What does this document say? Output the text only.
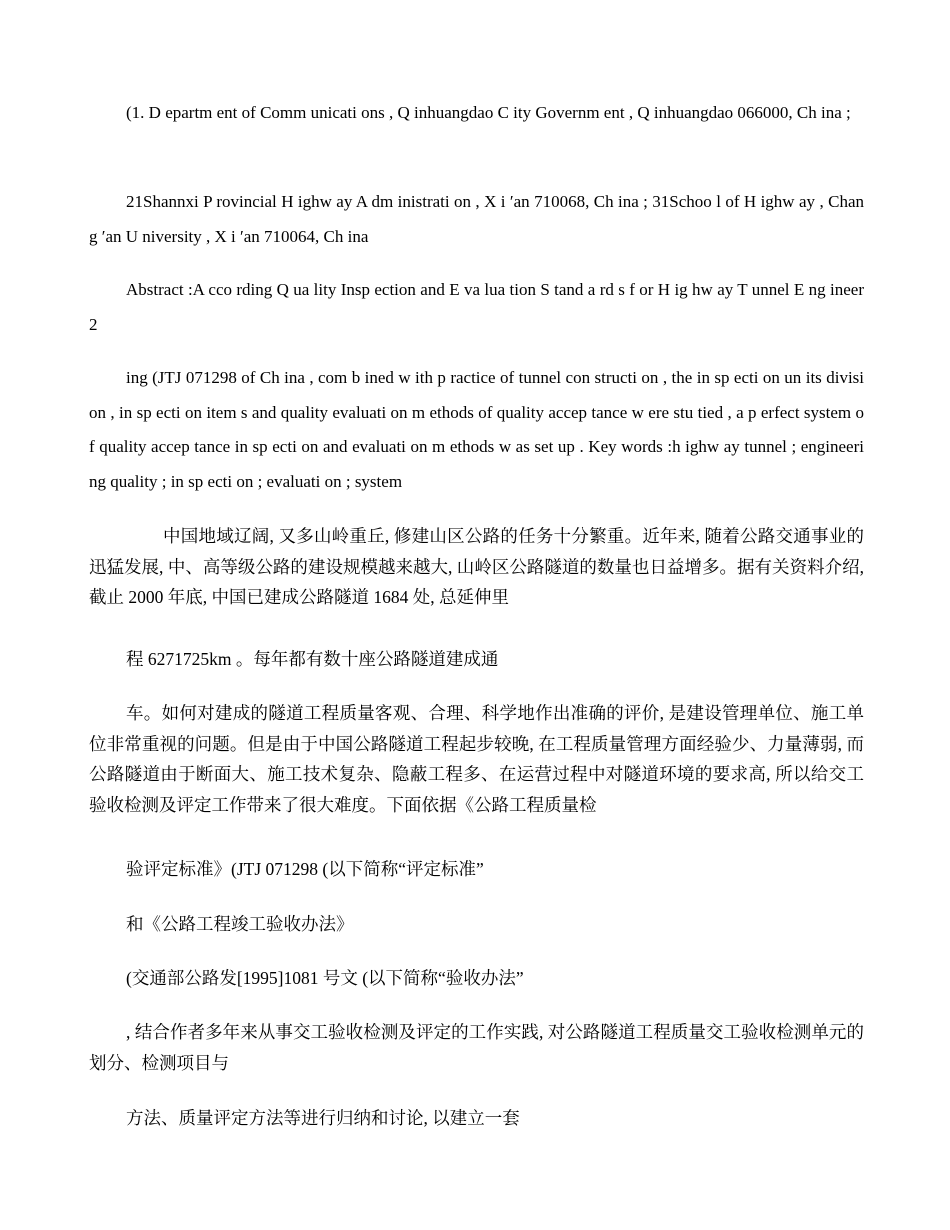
(1. D epartm ent of Comm unicati ons , Q inhuangdao C ity Governm ent , Q inhuangdao 066000, Ch ina ;

21Shannxi P rovincial H ighw ay A dm inistrati on , X i ′an 710068, Ch ina ; 31Schoo l of H ighw ay , Chang ′an U niversity , X i ′an 710064, Ch ina

Abstract :A cco rding Q ua lity Insp ection and E va lua tion S tand a rd s f or H ig hw ay T unnel E ng ineer 2

ing (JTJ 071298 of Ch ina , com b ined w ith p ractice of tunnel con structi on , the in sp ecti on un its divisi on , in sp ecti on item s and quality evaluati on m ethods of quality accep tance w ere stu tied , a p erfect system of quality accep tance in sp ecti on and evaluati on m ethods w as set up . Key words :h ighw ay tunnel ; engineering quality ; in sp ecti on ; evaluati on ; system

中国地域辽阔, 又多山岭重丘, 修建山区公路的任务十分繁重。近年来, 随着公路交通事业的迅猛发展, 中、高等级公路的建设规模越来越大, 山岭区公路隧道的数量也日益增多。据有关资料介绍, 截止 2000 年底, 中国已建成公路隧道 1684 处, 总延伸里

程 6271725km 。每年都有数十座公路隧道建成通

车。如何对建成的隧道工程质量客观、合理、科学地作出准确的评价, 是建设管理单位、施工单位非常重视的问题。但是由于中国公路隧道工程起步较晚, 在工程质量管理方面经验少、力量薄弱, 而公路隧道由于断面大、施工技术复杂、隐蔽工程多、在运营过程中对隧道环境的要求高, 所以给交工验收检测及评定工作带来了很大难度。下面依据《公路工程质量检

验评定标准》(JTJ 071298 (以下简称“评定标准”

和《公路工程竣工验收办法》

(交通部公路发[1995]1081 号文 (以下简称“验收办法”

, 结合作者多年来从事交工验收检测及评定的工作实践, 对公路隧道工程质量交工验收检测单元的划分、检测项目与

方法、质量评定方法等进行归纳和讨论, 以建立一套
